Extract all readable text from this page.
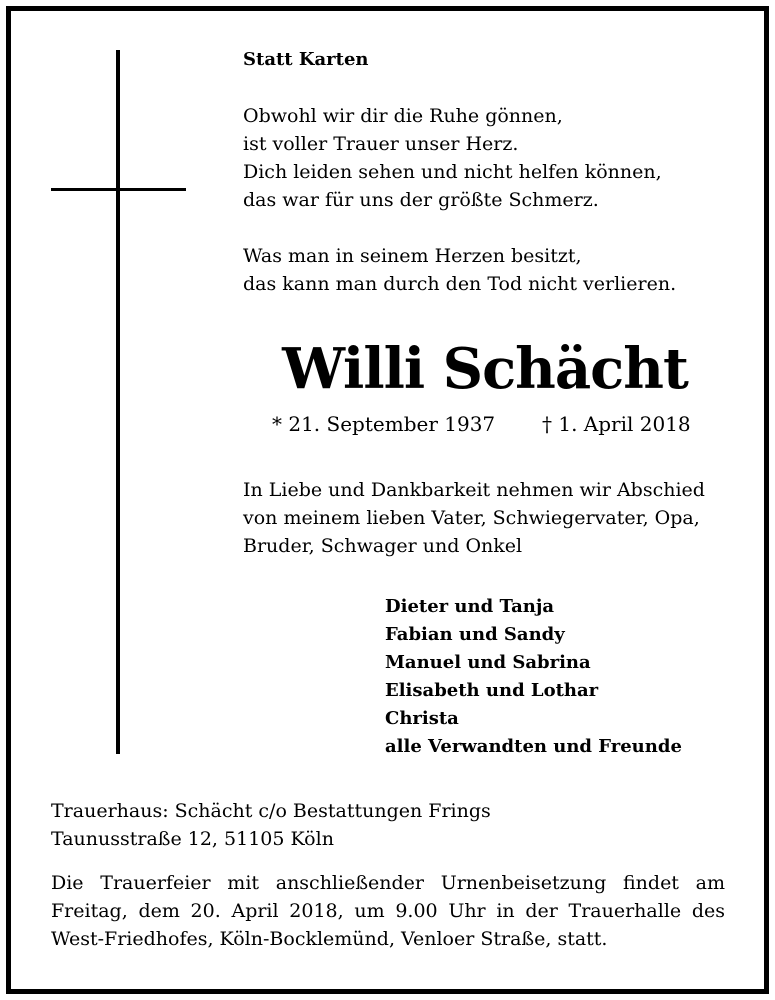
Statt Karten

Obwohl wir dir die Ruhe gönnen,
ist voller Trauer unser Herz.
Dich leiden sehen und nicht helfen können,
das war für uns der größte Schmerz.

Was man in seinem Herzen besitzt,
das kann man durch den Tod nicht verlieren.

Willi Schächt

* 21. September 1937 † 1. April 2018

In Liebe und Dankbarkeit nehmen wir Abschied
von meinem lieben Vater, Schwiegervater, Opa,
Bruder, Schwager und Onkel

Dieter und Tanja
Fabian und Sandy
Manuel und Sabrina
Elisabeth und Lothar
Christa
alle Verwandten und Freunde

Trauerhaus: Schächt c/o Bestattungen Frings
Taunusstraße 12, 51105 Köln

Die Trauerfeier mit anschließender Urnenbeisetzung findet am
Freitag, dem 20. April 2018, um 9.00 Uhr in der Trauerhalle des
West-Friedhofes, Köln-Bocklemünd, Venloer Straße, statt.
